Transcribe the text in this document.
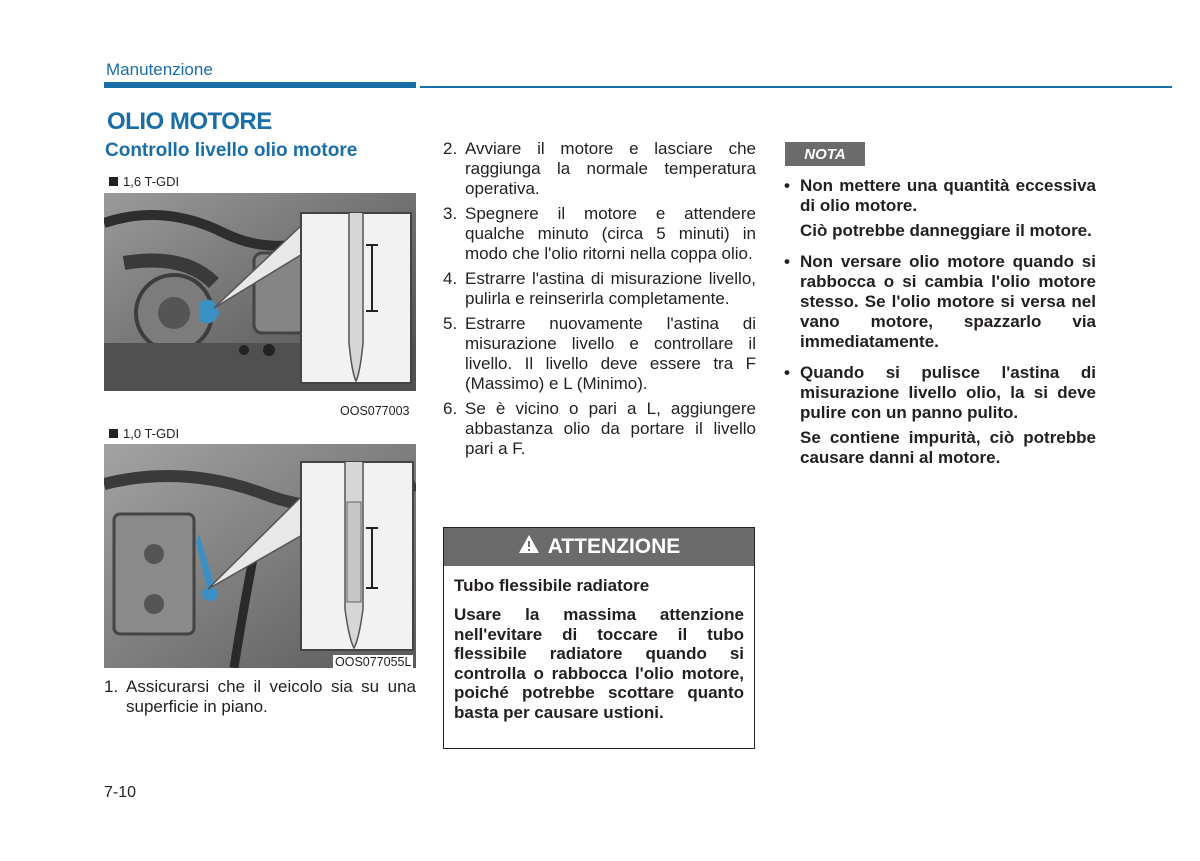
Manutenzione
OLIO MOTORE
Controllo livello olio motore
1,6 T-GDI
OOS077003
1,0 T-GDI
OOS077055L
1. Assicurarsi che il veicolo sia su una superficie in piano.
2. Avviare il motore e lasciare che raggiunga la normale temperatura operativa.
3. Spegnere il motore e attendere qualche minuto (circa 5 minuti) in modo che l'olio ritorni nella coppa olio.
4. Estrarre l'astina di misurazione livello, pulirla e reinserirla completamente.
5. Estrarre nuovamente l'astina di misurazione livello e controllare il livello. Il livello deve essere tra F (Massimo) e L (Minimo).
6. Se è vicino o pari a L, aggiungere abbastanza olio da portare il livello pari a F.
ATTENZIONE
Tubo flessibile radiatore
Usare la massima attenzione nell'evitare di toccare il tubo flessibile radiatore quando si controlla o rabbocca l'olio motore, poiché potrebbe scottare quanto basta per causare ustioni.
NOTA
• Non mettere una quantità eccessiva di olio motore.

Ciò potrebbe danneggiare il motore.

• Non versare olio motore quando si rabbocca o si cambia l'olio motore stesso. Se l'olio motore si versa nel vano motore, spazzarlo via immediatamente.

• Quando si pulisce l'astina di misurazione livello olio, la si deve pulire con un panno pulito.

Se contiene impurità, ciò potrebbe causare danni al motore.

7-10
